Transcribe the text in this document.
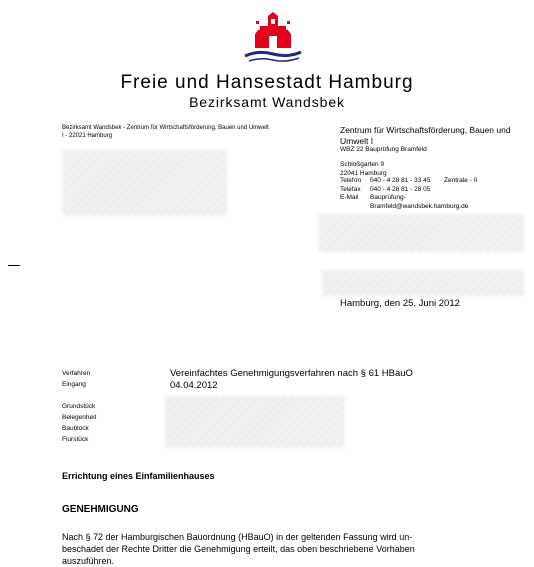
Freie und Hansestadt Hamburg
Bezirksamt Wandsbek
Bezirksamt Wandsbek - Zentrum für Wirtschaftsförderung, Bauen und Umwelt I - 22021 Hamburg
Zentrum für Wirtschaftsförderung, Bauen und Umwelt I
WBZ 22 Bauprüfung Bramfeld
Schloßgarten 9
22041 Hamburg
Telefon	040 - 4 28 81 - 33 45	Zentrale - 0
Telefax	040 - 4 28 81 - 28 05	
E-Mail	Bauprüfung-
Bramfeld@wandsbek.hamburg.de	
Hamburg, den 25. Juni 2012
Verfahren	Vereinfachtes Genehmigungsverfahren nach § 61 HBauO
Eingang	04.04.2012
Grundstück
Belegenheit
Baublock
Flurstück
Errichtung eines Einfamilienhauses
GENEHMIGUNG
Nach § 72 der Hamburgischen Bauordnung (HBauO) in der geltenden Fassung wird un-
beschadet der Rechte Dritter die Genehmigung erteilt, das oben beschriebene Vorhaben
auszuführen.
